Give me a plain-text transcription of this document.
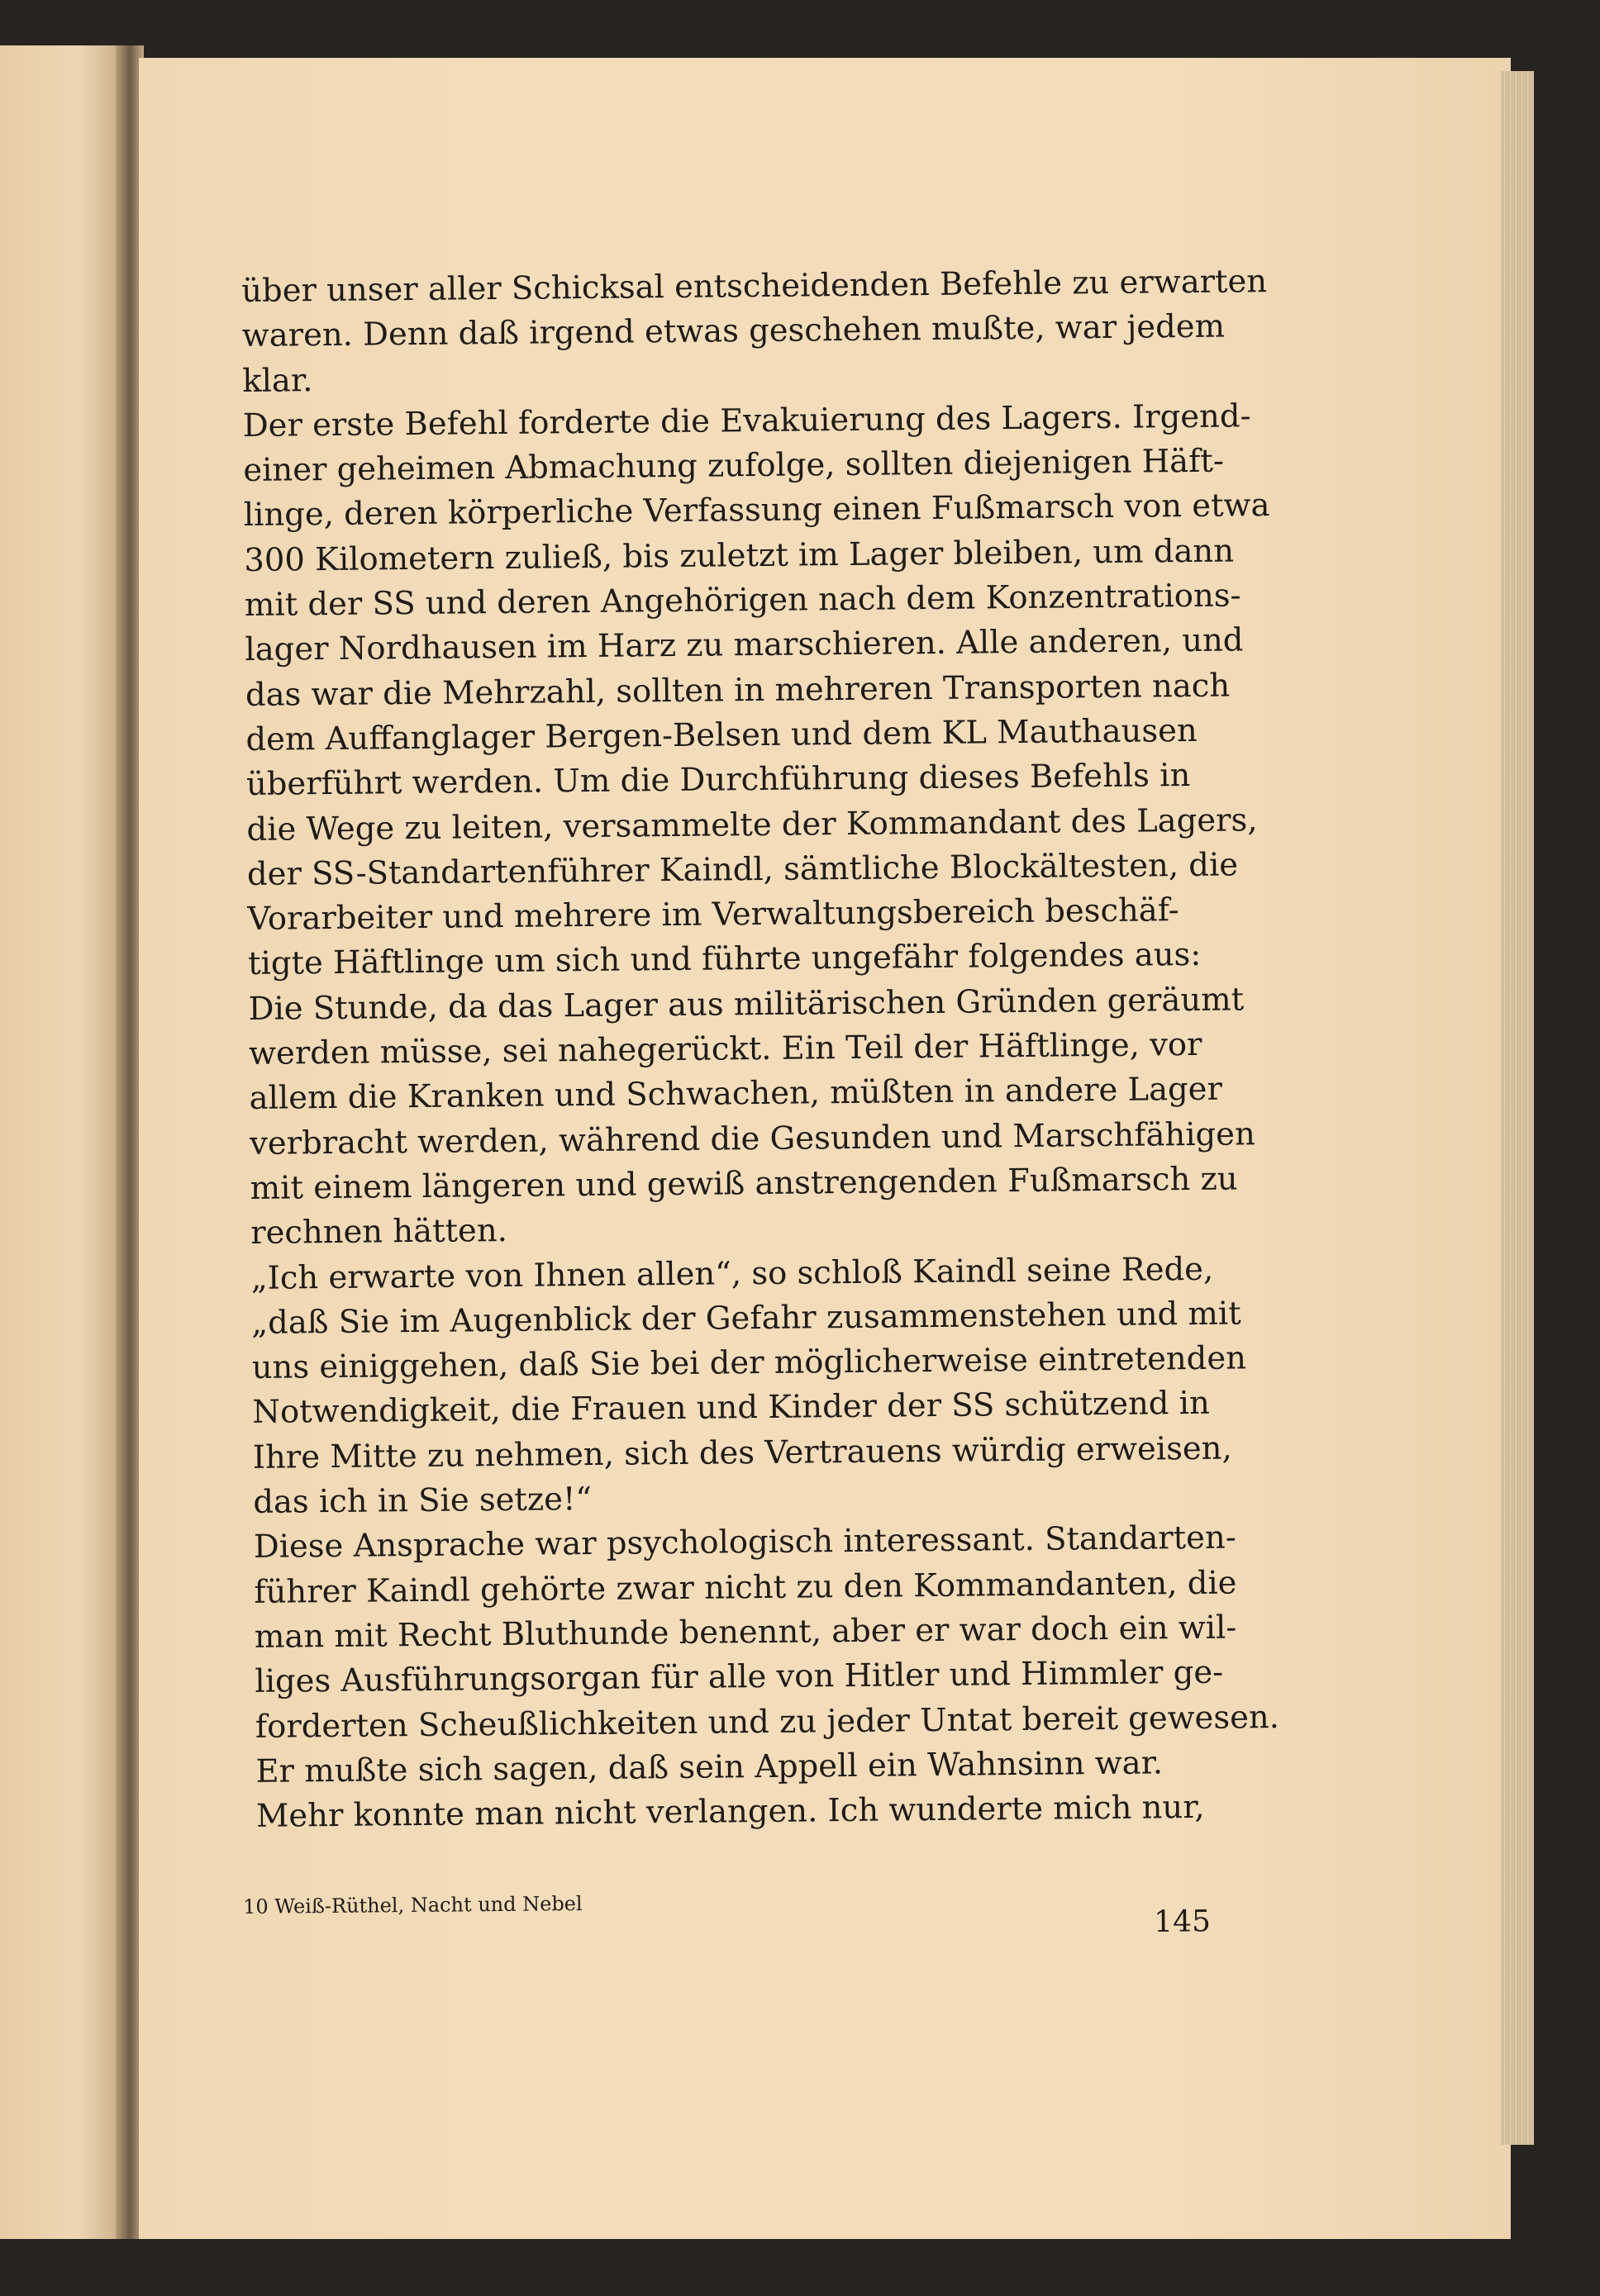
über unser aller Schicksal entscheidenden Befehle zu erwarten
waren. Denn daß irgend etwas geschehen mußte, war jedem
klar.
Der erste Befehl forderte die Evakuierung des Lagers. Irgend-
einer geheimen Abmachung zufolge, sollten diejenigen Häft-
linge, deren körperliche Verfassung einen Fußmarsch von etwa
300 Kilometern zuließ, bis zuletzt im Lager bleiben, um dann
mit der SS und deren Angehörigen nach dem Konzentrations-
lager Nordhausen im Harz zu marschieren. Alle anderen, und
das war die Mehrzahl, sollten in mehreren Transporten nach
dem Auffanglager Bergen-Belsen und dem KL Mauthausen
überführt werden. Um die Durchführung dieses Befehls in
die Wege zu leiten, versammelte der Kommandant des Lagers,
der SS-Standartenführer Kaindl, sämtliche Blockältesten, die
Vorarbeiter und mehrere im Verwaltungsbereich beschäf-
tigte Häftlinge um sich und führte ungefähr folgendes aus:
Die Stunde, da das Lager aus militärischen Gründen geräumt
werden müsse, sei nahegerückt. Ein Teil der Häftlinge, vor
allem die Kranken und Schwachen, müßten in andere Lager
verbracht werden, während die Gesunden und Marschfähigen
mit einem längeren und gewiß anstrengenden Fußmarsch zu
rechnen hätten.
„Ich erwarte von Ihnen allen“, so schloß Kaindl seine Rede,
„daß Sie im Augenblick der Gefahr zusammenstehen und mit
uns einiggehen, daß Sie bei der möglicherweise eintretenden
Notwendigkeit, die Frauen und Kinder der SS schützend in
Ihre Mitte zu nehmen, sich des Vertrauens würdig erweisen,
das ich in Sie setze!“
Diese Ansprache war psychologisch interessant. Standarten-
führer Kaindl gehörte zwar nicht zu den Kommandanten, die
man mit Recht Bluthunde benennt, aber er war doch ein wil-
liges Ausführungsorgan für alle von Hitler und Himmler ge-
forderten Scheußlichkeiten und zu jeder Untat bereit gewesen.
Er mußte sich sagen, daß sein Appell ein Wahnsinn war.
Mehr konnte man nicht verlangen. Ich wunderte mich nur,
10 Weiß-Rüthel, Nacht und Nebel	145
